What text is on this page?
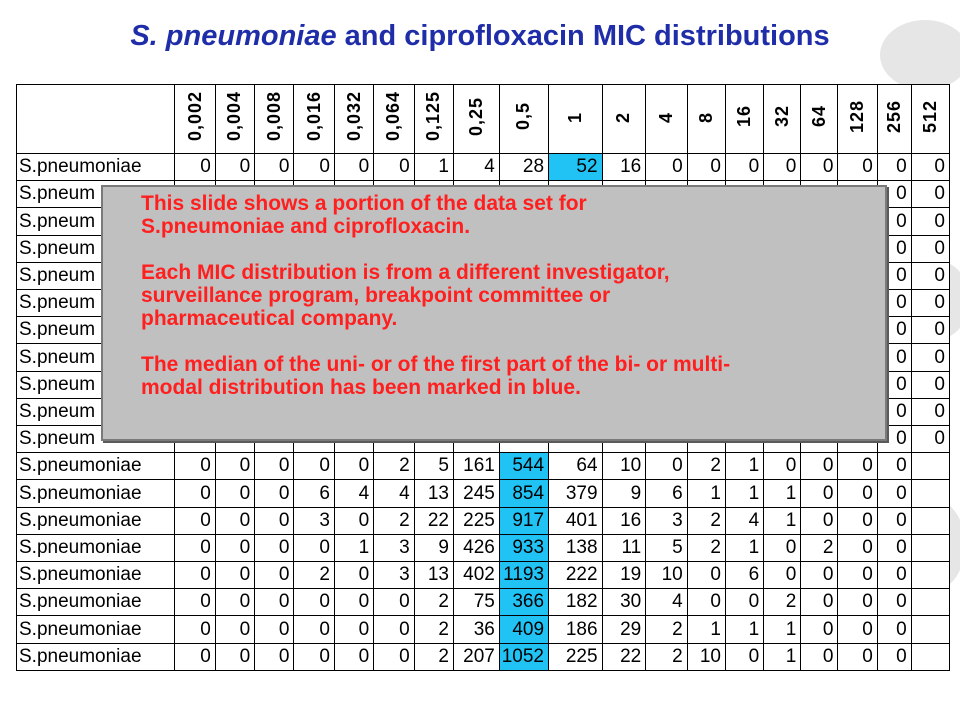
S. pneumoniae and ciprofloxacin MIC distributions
	0,002	0,004	0,008	0,016	0,032	0,064	0,125	0,25	0,5	1	2	4	8	16	32	64	128	256	512
S.pneumoniae	0	0	0	0	0	0	1	4	28	52	16	0	0	0	0	0	0	0	0
S.pneum																		0	0
S.pneum																		0	0
S.pneum																		0	0
S.pneum																		0	0
S.pneum																		0	0
S.pneum																		0	0
S.pneum																		0	0
S.pneum																		0	0
S.pneum																		0	0
S.pneum																		0	0
S.pneumoniae	0	0	0	0	0	2	5	161	544	64	10	0	2	1	0	0	0	0	
S.pneumoniae	0	0	0	6	4	4	13	245	854	379	9	6	1	1	1	0	0	0	
S.pneumoniae	0	0	0	3	0	2	22	225	917	401	16	3	2	4	1	0	0	0	
S.pneumoniae	0	0	0	0	1	3	9	426	933	138	11	5	2	1	0	2	0	0	
S.pneumoniae	0	0	0	2	0	3	13	402	1193	222	19	10	0	6	0	0	0	0	
S.pneumoniae	0	0	0	0	0	0	2	75	366	182	30	4	0	0	2	0	0	0	
S.pneumoniae	0	0	0	0	0	0	2	36	409	186	29	2	1	1	1	0	0	0	
S.pneumoniae	0	0	0	0	0	0	2	207	1052	225	22	2	10	0	1	0	0	0	

This slide shows a portion of the data set for
S.pneumoniae and ciprofloxacin.

Each MIC distribution is from a different investigator,
surveillance program, breakpoint committee or
pharmaceutical company.

The median of the uni- or of the first part of the bi- or multi-
modal distribution has been marked in blue.
